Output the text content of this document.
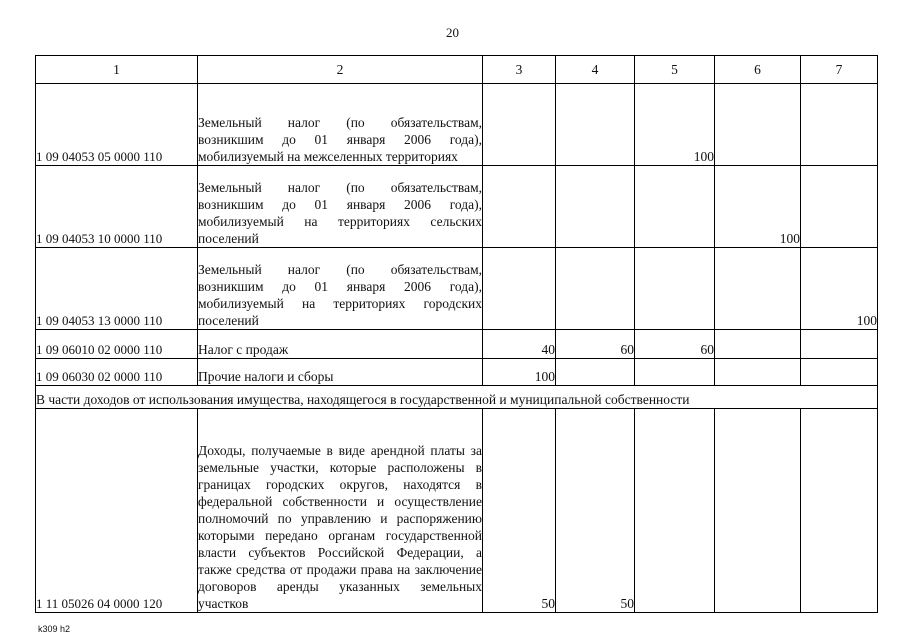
20
1	2	3	4	5	6	7
1 09 04053 05 0000 110	Земельный налог (по обязательствам, возникшим до 01 января 2006 года), мобилизуемый на межселенных территориях			100		
1 09 04053 10 0000 110	Земельный налог (по обязательствам, возникшим до 01 января 2006 года), мобилизуемый на территориях сельских поселений				100	
1 09 04053 13 0000 110	Земельный налог (по обязательствам, возникшим до 01 января 2006 года), мобилизуемый на территориях городских поселений					100
1 09 06010 02 0000 110	Налог с продаж	40	60	60		
1 09 06030 02 0000 110	Прочие налоги и сборы	100				
В части доходов от использования имущества, находящегося в государственной и муниципальной собственности						
1 11 05026 04 0000 120	Доходы, получаемые в виде арендной платы за земельные участки, которые расположены в границах городских округов, находятся в федеральной собственности и осуществление полномочий по управлению и распоряжению которыми передано органам государственной власти субъектов Российской Федерации, а также средства от продажи права на заключение договоров аренды указанных земельных участков	50	50			
k309 h2
